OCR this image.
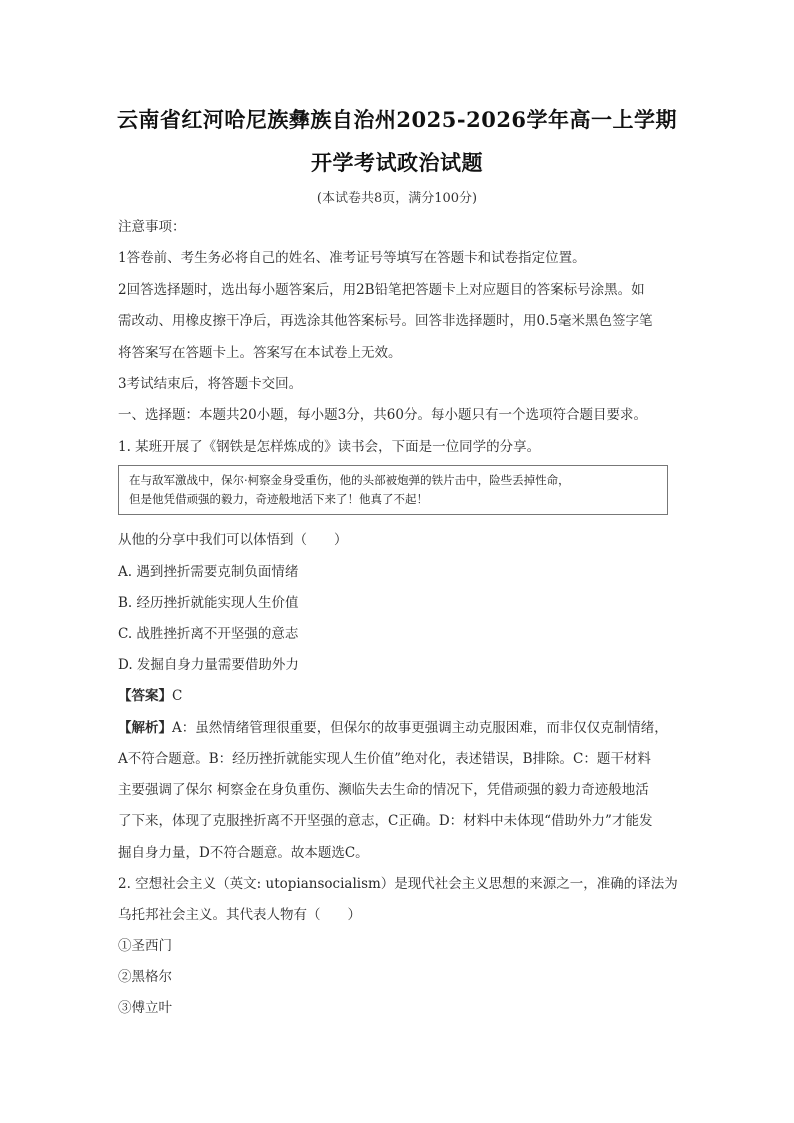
云南省红河哈尼族彝族自治州2025-2026学年高一上学期
开学考试政治试题
(本试卷共8页，满分100分)
注意事项：
1答卷前、考生务必将自己的姓名、准考证号等填写在答题卡和试卷指定位置。
2回答选择题时，选出每小题答案后，用2B铅笔把答题卡上对应题目的答案标号涂黑。如
需改动、用橡皮擦干净后，再选涂其他答案标号。回答非选择题时，用0.5毫米黑色签字笔
将答案写在答题卡上。答案写在本试卷上无效。
3考试结束后，将答题卡交回。
一、选择题：本题共20小题，每小题3分，共60分。每小题只有一个选项符合题目要求。
1. 某班开展了《钢铁是怎样炼成的》读书会，下面是一位同学的分享。
在与敌军激战中，保尔·柯察金身受重伤，他的头部被炮弹的铁片击中，险些丢掉性命，
但是他凭借顽强的毅力，奇迹般地活下来了！他真了不起！
从他的分享中我们可以体悟到（　　）
A. 遇到挫折需要克制负面情绪
B. 经历挫折就能实现人生价值
C. 战胜挫折离不开坚强的意志
D. 发掘自身力量需要借助外力
【答案】C
【解析】A：虽然情绪管理很重要，但保尔的故事更强调主动克服困难，而非仅仅克制情绪，
A不符合题意。B：经历挫折就能实现人生价值”绝对化，表述错误，B排除。C：题干材料
主要强调了保尔 柯察金在身负重伤、濒临失去生命的情况下，凭借顽强的毅力奇迹般地活
了下来，体现了克服挫折离不开坚强的意志，C正确。D：材料中未体现“借助外力”才能发
掘自身力量，D不符合题意。故本题选C。
2. 空想社会主义（英文: utopiansocialism）是现代社会主义思想的来源之一，准确的译法为
乌托邦社会主义。其代表人物有（　　）
①圣西门
②黑格尔
③傅立叶
